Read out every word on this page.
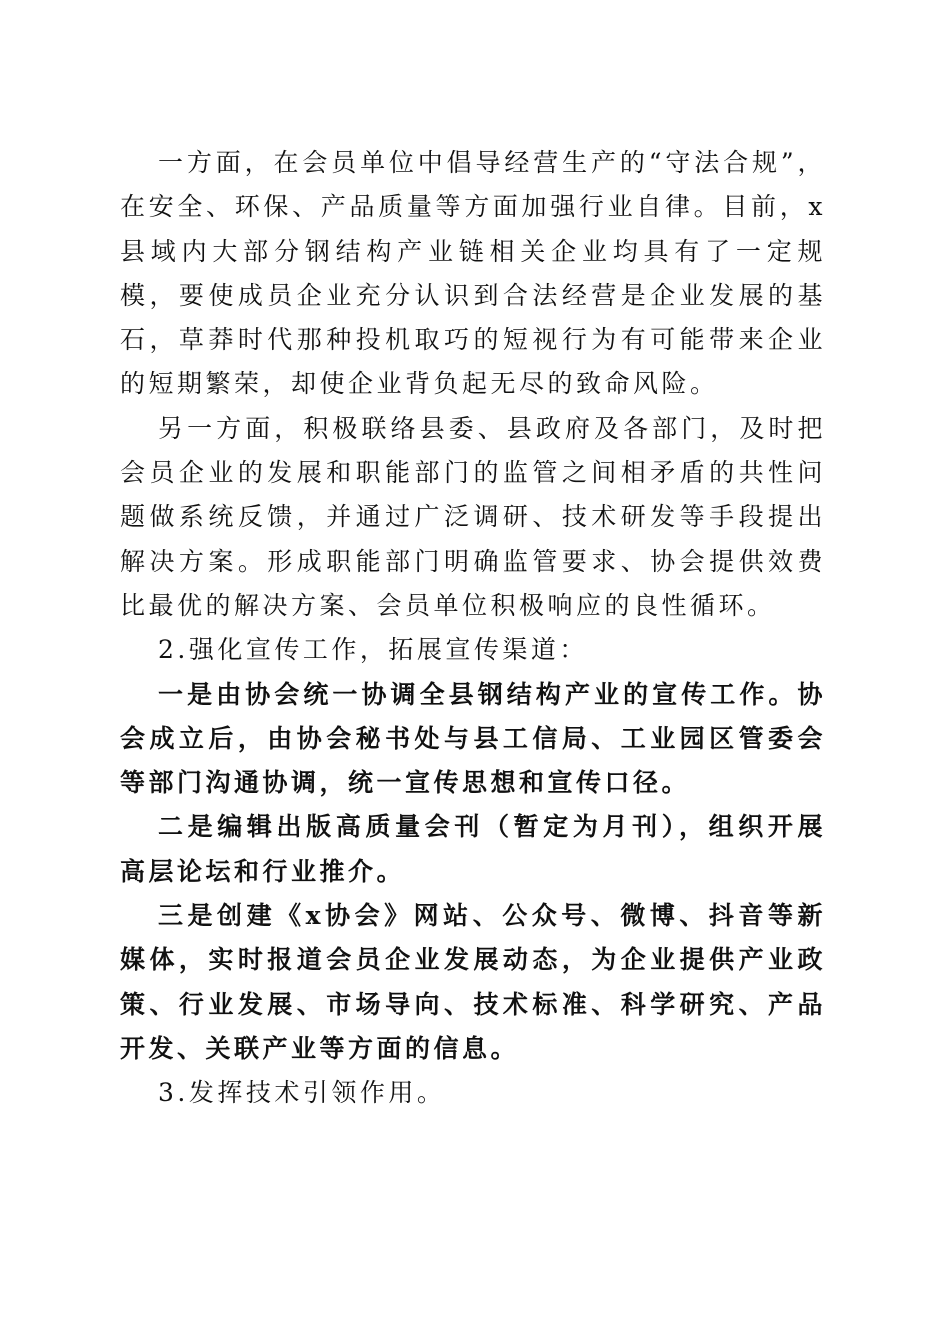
一方面，在会员单位中倡导经营生产的“守法合规”，在安全、环保、产品质量等方面加强行业自律。目前，x县域内大部分钢结构产业链相关企业均具有了一定规模，要使成员企业充分认识到合法经营是企业发展的基石，草莽时代那种投机取巧的短视行为有可能带来企业的短期繁荣，却使企业背负起无尽的致命风险。

另一方面，积极联络县委、县政府及各部门，及时把会员企业的发展和职能部门的监管之间相矛盾的共性问题做系统反馈，并通过广泛调研、技术研发等手段提出解决方案。形成职能部门明确监管要求、协会提供效费比最优的解决方案、会员单位积极响应的良性循环。

2.强化宣传工作，拓展宣传渠道：

一是由协会统一协调全县钢结构产业的宣传工作。协会成立后，由协会秘书处与县工信局、工业园区管委会等部门沟通协调，统一宣传思想和宣传口径。

二是编辑出版高质量会刊（暂定为月刊），组织开展高层论坛和行业推介。

三是创建《x协会》网站、公众号、微博、抖音等新媒体，实时报道会员企业发展动态，为企业提供产业政策、行业发展、市场导向、技术标准、科学研究、产品开发、关联产业等方面的信息。

3.发挥技术引领作用。
